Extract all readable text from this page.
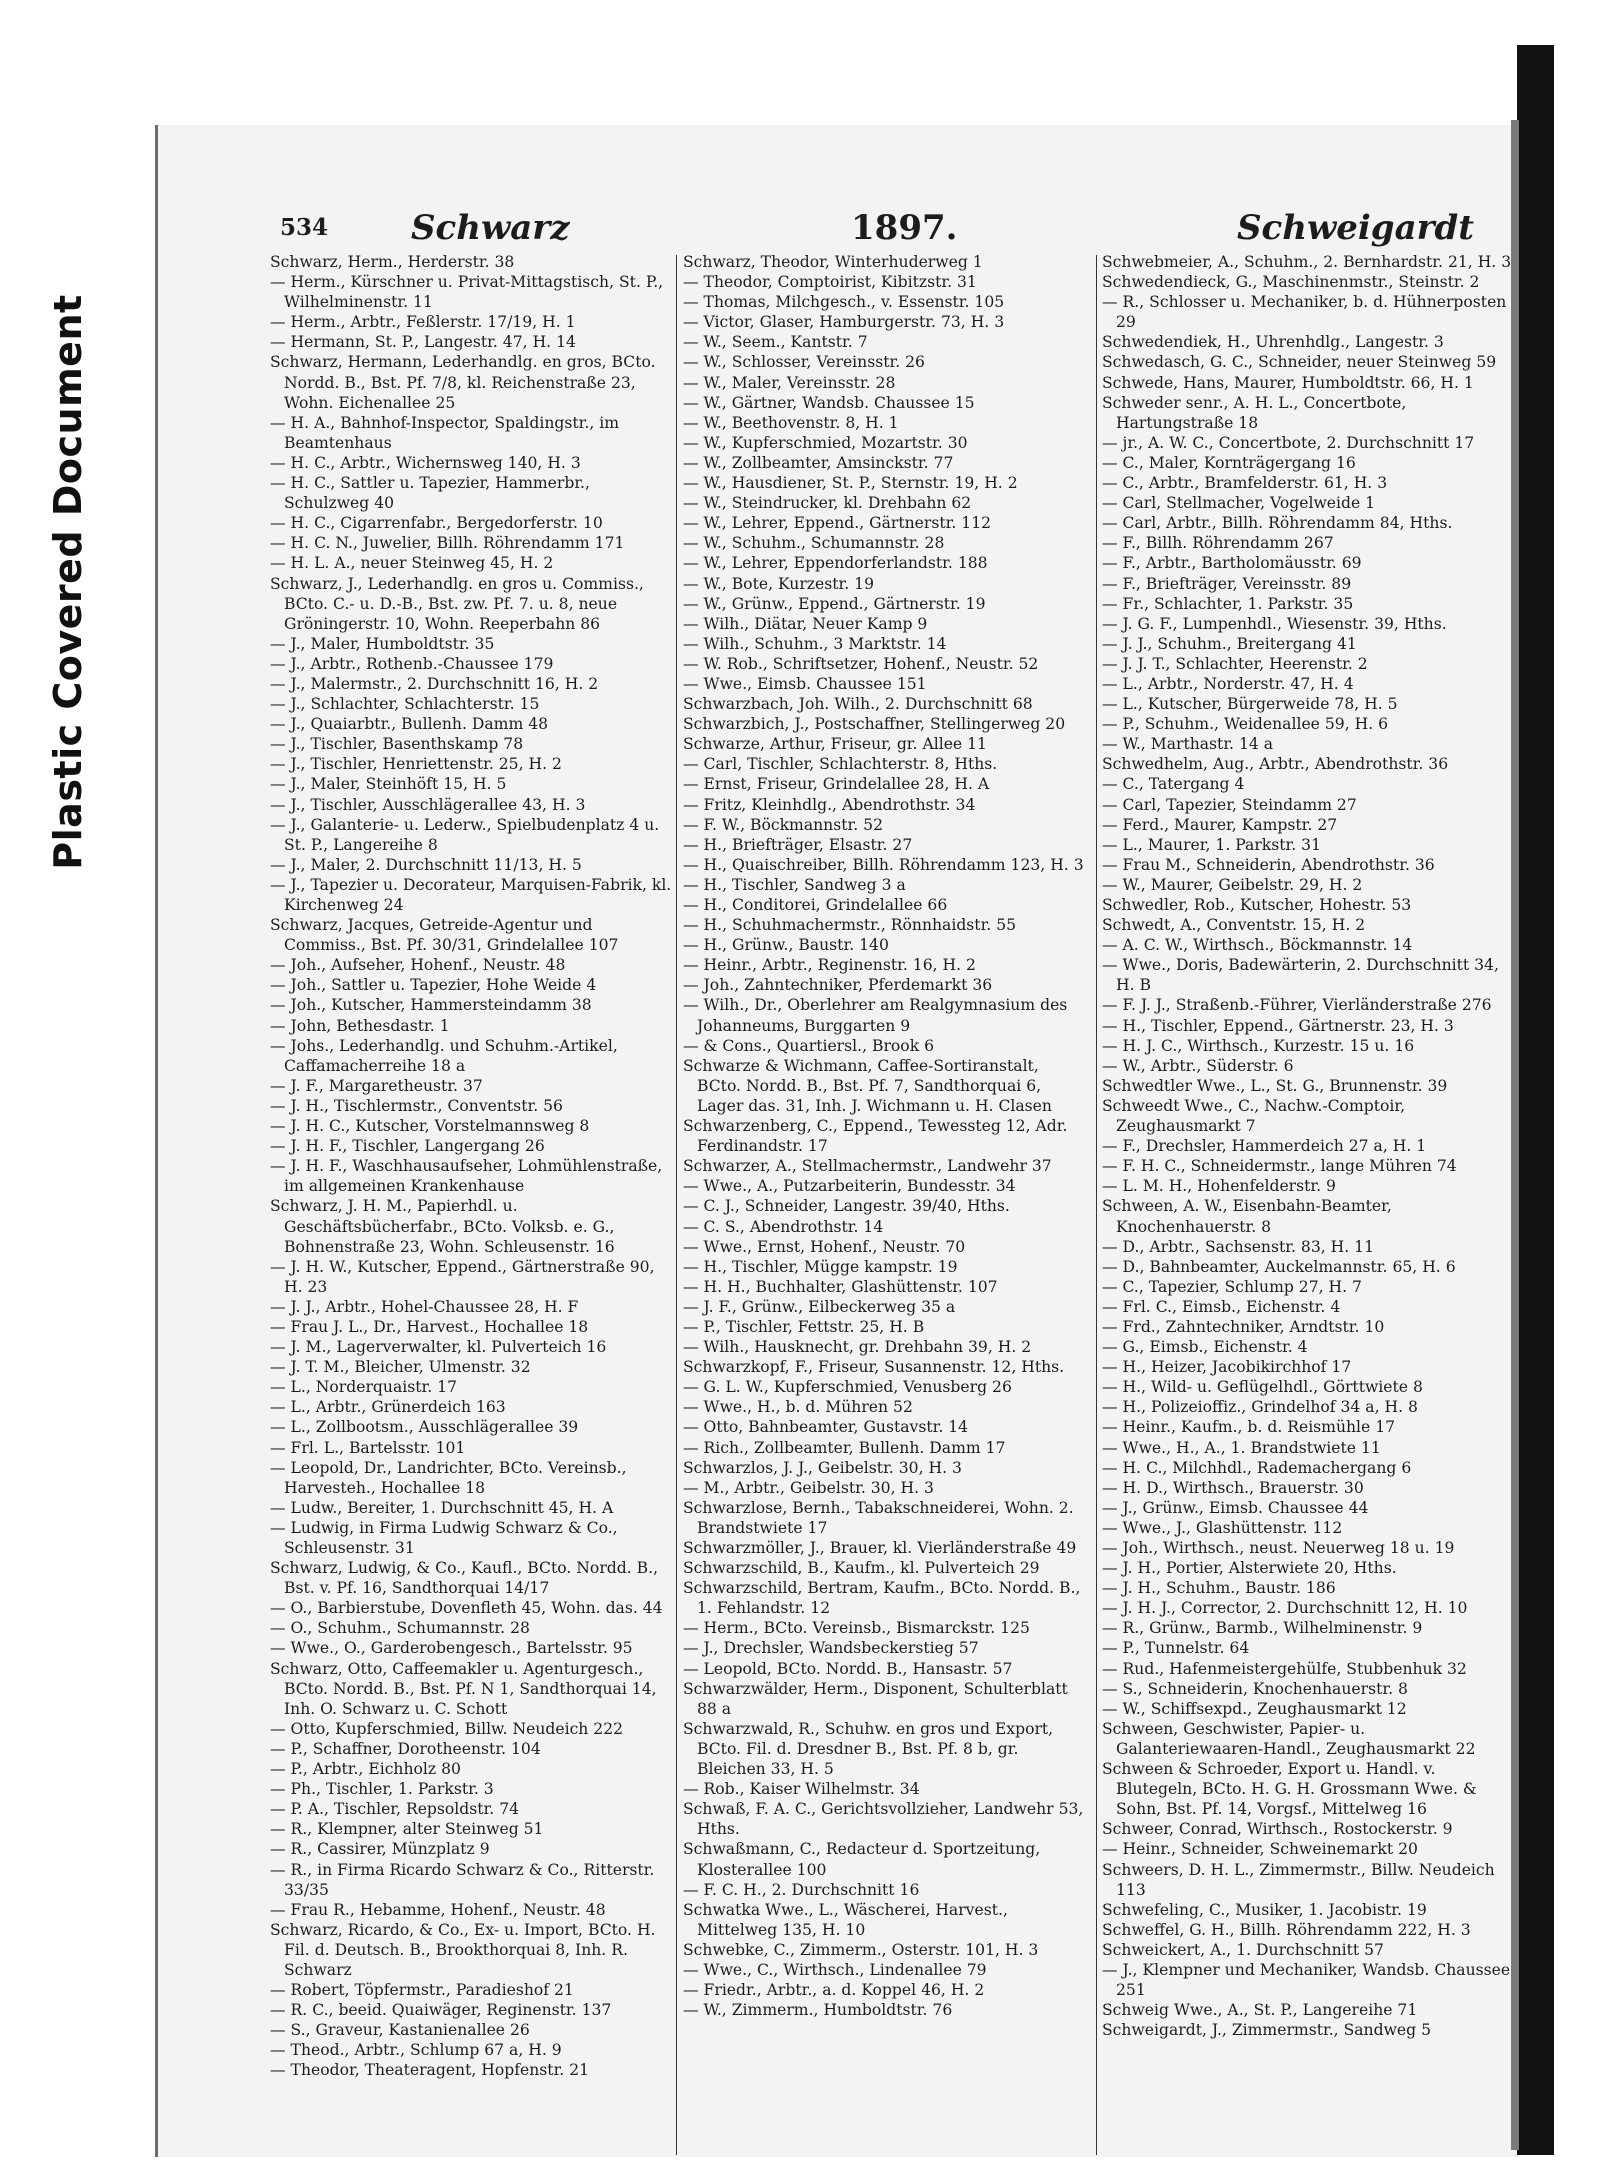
Plastic Covered Document
534 Schwarz	1897.	Schweigardt
Schwarz, Herm., Herderstr. 38
— Herm., Kürschner u. Privat-Mittagstisch, St. P., Wilhelminenstr. 11
— Herm., Arbtr., Feßlerstr. 17/19, H. 1
— Hermann, St. P., Langestr. 47, H. 14
Schwarz, Hermann, Lederhandlg. en gros, BCto. Nordd. B., Bst. Pf. 7/8, kl. Reichenstraße 23, Wohn. Eichenallee 25
— H. A., Bahnhof-Inspector, Spaldingstr., im Beamtenhaus
— H. C., Arbtr., Wichernsweg 140, H. 3
— H. C., Sattler u. Tapezier, Hammerbr., Schulzweg 40
— H. C., Cigarrenfabr., Bergedorferstr. 10
— H. C. N., Juwelier, Billh. Röhrendamm 171
— H. L. A., neuer Steinweg 45, H. 2
Schwarz, J., Lederhandlg. en gros u. Commiss., BCto. C.- u. D.-B., Bst. zw. Pf. 7. u. 8, neue Gröningerstr. 10, Wohn. Reeperbahn 86
— J., Maler, Humboldtstr. 35
— J., Arbtr., Rothenb.-Chaussee 179
— J., Malermstr., 2. Durchschnitt 16, H. 2
— J., Schlachter, Schlachterstr. 15
— J., Quaiarbtr., Bullenh. Damm 48
— J., Tischler, Basenthskamp 78
— J., Tischler, Henriettenstr. 25, H. 2
— J., Maler, Steinhöft 15, H. 5
— J., Tischler, Ausschlägerallee 43, H. 3
— J., Galanterie- u. Lederw., Spielbudenplatz 4 u. St. P., Langereihe 8
— J., Maler, 2. Durchschnitt 11/13, H. 5
— J., Tapezier u. Decorateur, Marquisen-Fabrik, kl. Kirchenweg 24
Schwarz, Jacques, Getreide-Agentur und Commiss., Bst. Pf. 30/31, Grindelallee 107
— Joh., Aufseher, Hohenf., Neustr. 48
— Joh., Sattler u. Tapezier, Hohe Weide 4
— Joh., Kutscher, Hammersteindamm 38
— John, Bethesdastr. 1
— Johs., Lederhandlg. und Schuhm.-Artikel, Caffamacherreihe 18 a
— J. F., Margaretheustr. 37
— J. H., Tischlermstr., Conventstr. 56
— J. H. C., Kutscher, Vorstelmannsweg 8
— J. H. F., Tischler, Langergang 26
— J. H. F., Waschhausaufseher, Lohmühlenstraße, im allgemeinen Krankenhause
Schwarz, J. H. M., Papierhdl. u. Geschäftsbücherfabr., BCto. Volksb. e. G., Bohnenstraße 23, Wohn. Schleusenstr. 16
— J. H. W., Kutscher, Eppend., Gärtnerstraße 90, H. 23
— J. J., Arbtr., Hohel-Chaussee 28, H. F
— Frau J. L., Dr., Harvest., Hochallee 18
— J. M., Lagerverwalter, kl. Pulverteich 16
— J. T. M., Bleicher, Ulmenstr. 32
— L., Norderquaistr. 17
— L., Arbtr., Grünerdeich 163
— L., Zollbootsm., Ausschlägerallee 39
— Frl. L., Bartelsstr. 101
— Leopold, Dr., Landrichter, BCto. Vereinsb., Harvestеh., Hochallee 18
— Ludw., Bereiter, 1. Durchschnitt 45, H. A
— Ludwig, in Firma Ludwig Schwarz & Co., Schleusenstr. 31
Schwarz, Ludwig, & Co., Kaufl., BCto. Nordd. B., Bst. v. Pf. 16, Sandthorquai 14/17
— O., Barbierstube, Dovenfleth 45, Wohn. das. 44
— O., Schuhm., Schumannstr. 28
— Wwe., O., Garderobengesch., Bartelsstr. 95
Schwarz, Otto, Caffeemakler u. Agenturgesch., BCto. Nordd. B., Bst. Pf. N 1, Sandthorquai 14, Inh. O. Schwarz u. C. Schott
— Otto, Kupferschmied, Billw. Neudeich 222
— P., Schaffner, Dorotheenstr. 104
— P., Arbtr., Eichholz 80
— Ph., Tischler, 1. Parkstr. 3
— P. A., Tischler, Repsoldstr. 74
— R., Klempner, alter Steinweg 51
— R., Cassirer, Münzplatz 9
— R., in Firma Ricardo Schwarz & Co., Ritterstr. 33/35
— Frau R., Hebamme, Hohenf., Neustr. 48
Schwarz, Ricardo, & Co., Ex- u. Import, BCto. H. Fil. d. Deutsch. B., Brookthorquai 8, Inh. R. Schwarz
— Robert, Töpfermstr., Paradieshof 21
— R. C., beeid. Quaiwäger, Reginenstr. 137
— S., Graveur, Kastanienallee 26
— Theod., Arbtr., Schlump 67 a, H. 9
— Theodor, Theateragent, Hopfenstr. 21
Schwarz, Theodor, Winterhuderweg 1
— Theodor, Comptoirist, Kibitzstr. 31
— Thomas, Milchgesch., v. Essenstr. 105
— Victor, Glaser, Hamburgerstr. 73, H. 3
— W., Seem., Kantstr. 7
— W., Schlosser, Vereinsstr. 26
— W., Maler, Vereinsstr. 28
— W., Gärtner, Wandsb. Chaussee 15
— W., Beethovenstr. 8, H. 1
— W., Kupferschmied, Mozartstr. 30
— W., Zollbeamter, Amsinckstr. 77
— W., Hausdiener, St. P., Sternstr. 19, H. 2
— W., Steindrucker, kl. Drehbahn 62
— W., Lehrer, Eppend., Gärtnerstr. 112
— W., Schuhm., Schumannstr. 28
— W., Lehrer, Eppendorferlandstr. 188
— W., Bote, Kurzestr. 19
— W., Grünw., Eppend., Gärtnerstr. 19
— Wilh., Diätar, Neuer Kamp 9
— Wilh., Schuhm., 3 Marktstr. 14
— W. Rob., Schriftsetzer, Hohenf., Neustr. 52
— Wwe., Eimsb. Chaussee 151
Schwarzbach, Joh. Wilh., 2. Durchschnitt 68
Schwarzbich, J., Postschaffner, Stellingerweg 20
Schwarze, Arthur, Friseur, gr. Allee 11
— Carl, Tischler, Schlachterstr. 8, Hths.
— Ernst, Friseur, Grindelallee 28, H. A
— Fritz, Kleinhdlg., Abendrothstr. 34
— F. W., Böckmannstr. 52
— H., Briefträger, Elsastr. 27
— H., Quaischreiber, Billh. Röhrendamm 123, H. 3
— H., Tischler, Sandweg 3 a
— H., Conditorei, Grindelallee 66
— H., Schuhmachermstr., Rönnhaidstr. 55
— H., Grünw., Baustr. 140
— Heinr., Arbtr., Reginenstr. 16, H. 2
— Joh., Zahntechniker, Pferdemarkt 36
— Wilh., Dr., Oberlehrer am Realgymnasium des Johanneums, Burggarten 9
— & Cons., Quartiersl., Brook 6
Schwarze & Wichmann, Caffee-Sortiranstalt, BCto. Nordd. B., Bst. Pf. 7, Sandthorquai 6, Lager das. 31, Inh. J. Wichmann u. H. Clasen
Schwarzenberg, C., Eppend., Tewessteg 12, Adr. Ferdinandstr. 17
Schwarzer, A., Stellmachermstr., Landwehr 37
— Wwe., A., Putzarbeiterin, Bundesstr. 34
— C. J., Schneider, Langestr. 39/40, Hths.
— C. S., Abendrothstr. 14
— Wwe., Ernst, Hohenf., Neustr. 70
— H., Tischler, Mügge kampstr. 19
— H. H., Buchhalter, Glashüttenstr. 107
— J. F., Grünw., Eilbeckerweg 35 a
— P., Tischler, Fettstr. 25, H. B
— Wilh., Hausknecht, gr. Drehbahn 39, H. 2
Schwarzkopf, F., Friseur, Susannenstr. 12, Hths.
— G. L. W., Kupferschmied, Venusberg 26
— Wwe., H., b. d. Mühren 52
— Otto, Bahnbeamter, Gustavstr. 14
— Rich., Zollbeamter, Bullenh. Damm 17
Schwarzlos, J. J., Geibelstr. 30, H. 3
— M., Arbtr., Geibelstr. 30, H. 3
Schwarzlose, Bernh., Tabakschneiderei, Wohn. 2. Brandstwiete 17
Schwarzmöller, J., Brauer, kl. Vierländerstraße 49
Schwarzschild, B., Kaufm., kl. Pulverteich 29
Schwarzschild, Bertram, Kaufm., BCto. Nordd. B., 1. Fehlandstr. 12
— Herm., BCto. Vereinsb., Bismarckstr. 125
— J., Drechsler, Wandsbeckerstieg 57
— Leopold, BCto. Nordd. B., Hansastr. 57
Schwarzwälder, Herm., Disponent, Schulterblatt 88 a
Schwarzwald, R., Schuhw. en gros und Export, BCto. Fil. d. Dresdner B., Bst. Pf. 8 b, gr. Bleichen 33, H. 5
— Rob., Kaiser Wilhelmstr. 34
Schwaß, F. A. C., Gerichtsvollzieher, Landwehr 53, Hths.
Schwaßmann, C., Redacteur d. Sportzeitung, Klosterallee 100
— F. C. H., 2. Durchschnitt 16
Schwatka Wwe., L., Wäscherei, Harvest., Mittelweg 135, H. 10
Schwebke, C., Zimmerm., Osterstr. 101, H. 3
— Wwe., C., Wirthsch., Lindenallee 79
— Friedr., Arbtr., a. d. Koppel 46, H. 2
— W., Zimmerm., Humboldtstr. 76
Schwebmeier, A., Schuhm., 2. Bernhardstr. 21, H. 3
Schwedendieck, G., Maschinenmstr., Steinstr. 2
— R., Schlosser u. Mechaniker, b. d. Hühnerposten 29
Schwedendiek, H., Uhrenhdlg., Langestr. 3
Schwedasch, G. C., Schneider, neuer Steinweg 59
Schwede, Hans, Maurer, Humboldtstr. 66, H. 1
Schweder senr., A. H. L., Concertbote, Hartungstraße 18
— jr., A. W. C., Concertbote, 2. Durchschnitt 17
— C., Maler, Kornträgergang 16
— C., Arbtr., Bramfelderstr. 61, H. 3
— Carl, Stellmacher, Vogelweide 1
— Carl, Arbtr., Billh. Röhrendamm 84, Hths.
— F., Billh. Röhrendamm 267
— F., Arbtr., Bartholomäusstr. 69
— F., Briefträger, Vereinsstr. 89
— Fr., Schlachter, 1. Parkstr. 35
— J. G. F., Lumpenhdl., Wiesenstr. 39, Hths.
— J. J., Schuhm., Breitergang 41
— J. J. T., Schlachter, Heerenstr. 2
— L., Arbtr., Norderstr. 47, H. 4
— L., Kutscher, Bürgerweide 78, H. 5
— P., Schuhm., Weidenallee 59, H. 6
— W., Marthastr. 14 a
Schwedhelm, Aug., Arbtr., Abendrothstr. 36
— C., Tatergang 4
— Carl, Tapezier, Steindamm 27
— Ferd., Maurer, Kampstr. 27
— L., Maurer, 1. Parkstr. 31
— Frau M., Schneiderin, Abendrothstr. 36
— W., Maurer, Geibelstr. 29, H. 2
Schwedler, Rob., Kutscher, Hohestr. 53
Schwedt, A., Conventstr. 15, H. 2
— A. C. W., Wirthsch., Böckmannstr. 14
— Wwe., Doris, Badewärterin, 2. Durchschnitt 34, H. B
— F. J. J., Straßenb.-Führer, Vierländerstraße 276
— H., Tischler, Eppend., Gärtnerstr. 23, H. 3
— H. J. C., Wirthsch., Kurzestr. 15 u. 16
— W., Arbtr., Süderstr. 6
Schwedtler Wwe., L., St. G., Brunnenstr. 39
Schweedt Wwe., C., Nachw.-Comptoir, Zeughausmarkt 7
— F., Drechsler, Hammerdeich 27 a, H. 1
— F. H. C., Schneidermstr., lange Mühren 74
— L. M. H., Hohenfelderstr. 9
Schween, A. W., Eisenbahn-Beamter, Knochenhauerstr. 8
— D., Arbtr., Sachsenstr. 83, H. 11
— D., Bahnbeamter, Auckelmannstr. 65, H. 6
— C., Tapezier, Schlump 27, H. 7
— Frl. C., Eimsb., Eichenstr. 4
— Frd., Zahntechniker, Arndtstr. 10
— G., Eimsb., Eichenstr. 4
— H., Heizer, Jacobikirchhof 17
— H., Wild- u. Geflügelhdl., Görttwiete 8
— H., Polizeioffiz., Grindelhof 34 a, H. 8
— Heinr., Kaufm., b. d. Reismühle 17
— Wwe., H., A., 1. Brandstwiete 11
— H. C., Milchhdl., Rademachergang 6
— H. D., Wirthsch., Brauerstr. 30
— J., Grünw., Eimsb. Chaussee 44
— Wwe., J., Glashüttenstr. 112
— Joh., Wirthsch., neust. Neuerweg 18 u. 19
— J. H., Portier, Alsterwiete 20, Hths.
— J. H., Schuhm., Baustr. 186
— J. H. J., Corrector, 2. Durchschnitt 12, H. 10
— R., Grünw., Barmb., Wilhelminenstr. 9
— P., Tunnelstr. 64
— Rud., Hafenmeistergehülfe, Stubbenhuk 32
— S., Schneiderin, Knochenhauerstr. 8
— W., Schiffsexpd., Zeughausmarkt 12
Schween, Geschwister, Papier- u. Galanteriewaaren-Handl., Zeughausmarkt 22
Schween & Schroeder, Export u. Handl. v. Blutegeln, BCto. H. G. H. Grossmann Wwe. & Sohn, Bst. Pf. 14, Vorgsf., Mittelweg 16
Schweer, Conrad, Wirthsch., Rostockerstr. 9
— Heinr., Schneider, Schweinemarkt 20
Schweers, D. H. L., Zimmermstr., Billw. Neudeich 113
Schwefeling, C., Musiker, 1. Jacobistr. 19
Schweffel, G. H., Billh. Röhrendamm 222, H. 3
Schweickert, A., 1. Durchschnitt 57
— J., Klempner und Mechaniker, Wandsb. Chaussee 251
Schweig Wwe., A., St. P., Langereihe 71
Schweigardt, J., Zimmermstr., Sandweg 5
